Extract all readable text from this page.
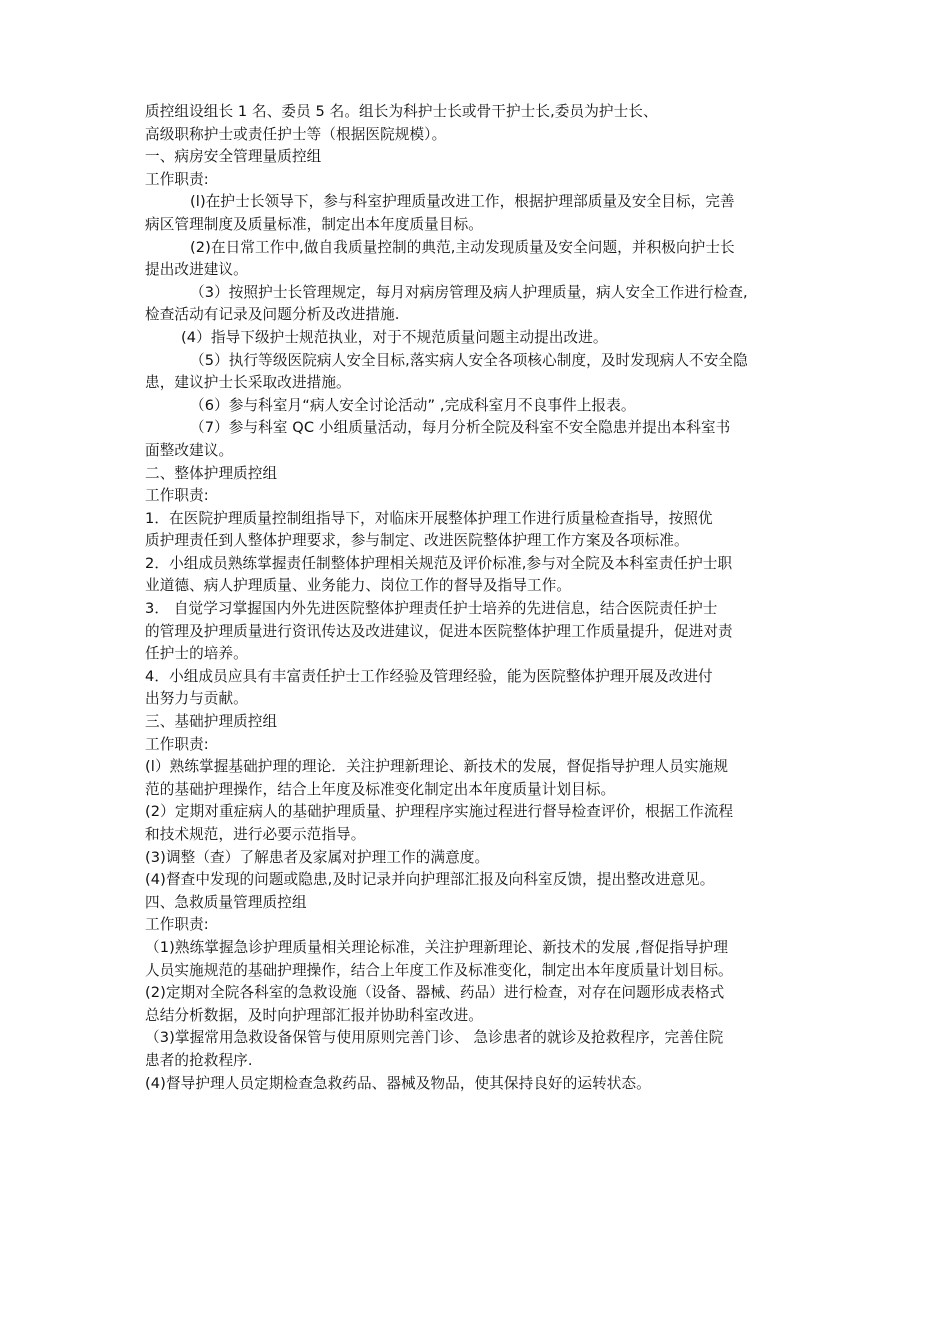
质控组设组长 1 名、委员 5 名。组长为科护士长或骨干护士长,委员为护士长、
高级职称护士或责任护士等（根据医院规模）。
一、病房安全管理量质控组
工作职责:
(l)在护士长领导下，参与科室护理质量改进工作，根据护理部质量及安全目标，完善
病区管理制度及质量标准，制定出本年度质量目标。
(2)在日常工作中,做自我质量控制的典范,主动发现质量及安全问题，并积极向护士长
提出改进建议。
（3）按照护士长管理规定，每月对病房管理及病人护理质量，病人安全工作进行检查,
检查活动有记录及问题分析及改进措施.
(4）指导下级护士规范执业，对于不规范质量问题主动提出改进。
（5）执行等级医院病人安全目标,落实病人安全各项核心制度，及时发现病人不安全隐
患，建议护士长采取改进措施。
（6）参与科室月“病人安全讨论活动” ,完成科室月不良事件上报表。
（7）参与科室 QC 小组质量活动，每月分析全院及科室不安全隐患并提出本科室书
面整改建议。
二、整体护理质控组
工作职责:
1．在医院护理质量控制组指导下，对临床开展整体护理工作进行质量检查指导，按照优
质护理责任到人整体护理要求，参与制定、改进医院整体护理工作方案及各项标准。
2．小组成员熟练掌握责任制整体护理相关规范及评价标准,参与对全院及本科室责任护士职
业道德、病人护理质量、业务能力、岗位工作的督导及指导工作。
3． 自觉学习掌握国内外先进医院整体护理责任护士培养的先进信息，结合医院责任护士
的管理及护理质量进行资讯传达及改进建议，促进本医院整体护理工作质量提升，促进对责
任护士的培养。
4．小组成员应具有丰富责任护士工作经验及管理经验，能为医院整体护理开展及改进付
出努力与贡献。
三、基础护理质控组
工作职责:
(l）熟练掌握基础护理的理论．关注护理新理论、新技术的发展，督促指导护理人员实施规
范的基础护理操作，结合上年度及标准变化制定出本年度质量计划目标。
(2）定期对重症病人的基础护理质量、护理程序实施过程进行督导检查评价，根据工作流程
和技术规范，进行必要示范指导。
(3)调整（查）了解患者及家属对护理工作的满意度。
(4)督查中发现的问题或隐患,及时记录并向护理部汇报及向科室反馈，提出整改进意见。
四、急救质量管理质控组
工作职责:
（1)熟练掌握急诊护理质量相关理论标准，关注护理新理论、新技术的发展 ,督促指导护理
人员实施规范的基础护理操作，结合上年度工作及标准变化，制定出本年度质量计划目标。
(2)定期对全院各科室的急救设施（设备、器械、药品）进行检查，对存在问题形成表格式
总结分析数据，及时向护理部汇报并协助科室改进。
（3)掌握常用急救设备保管与使用原则完善门诊、 急诊患者的就诊及抢救程序，完善住院
患者的抢救程序.
(4)督导护理人员定期检查急救药品、器械及物品，使其保持良好的运转状态。
